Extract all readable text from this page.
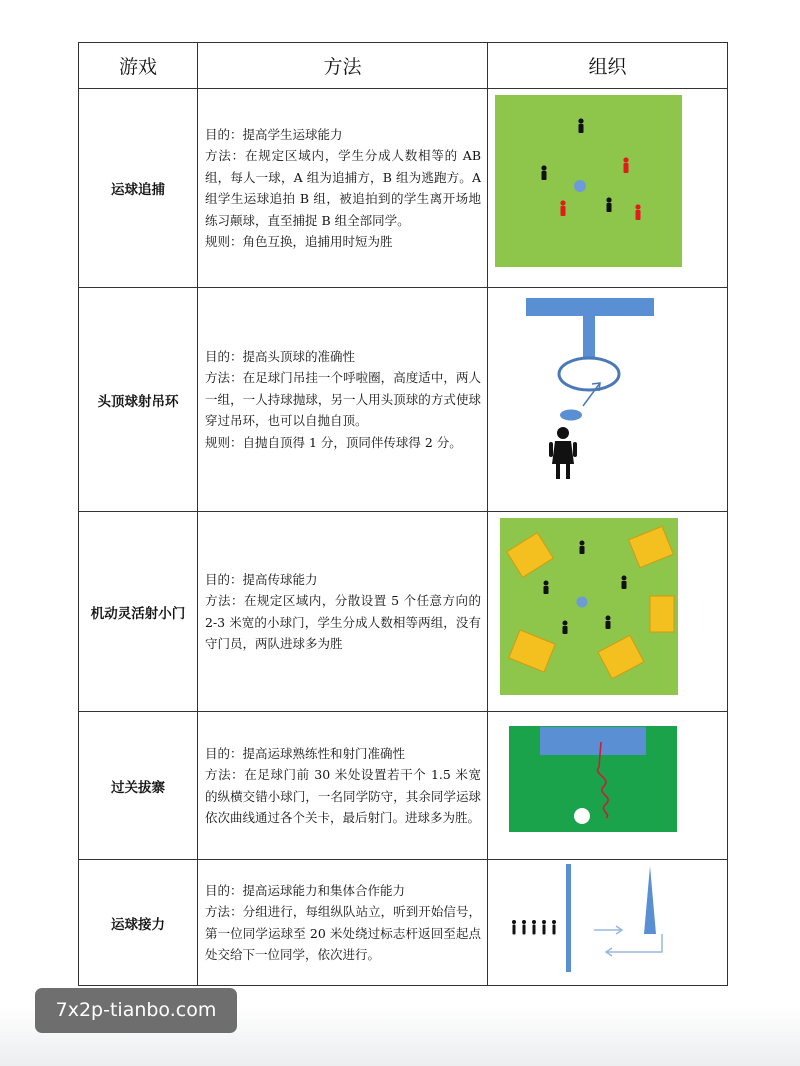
游戏	方法	组织
运球追捕	目的：提高学生运球能力

方法：在规定区域内，学生分成人数相等的 AB 组，每人一球，A 组为追捕方，B 组为逃跑方。A 组学生运球追拍 B 组，被追拍到的学生离开场地练习颠球，直至捕捉 B 组全部同学。

规则：角色互换，追捕用时短为胜

头顶球射吊环	目的：提高头顶球的准确性

方法：在足球门吊挂一个呼啦圈，高度适中，两人一组，一人持球抛球，另一人用头顶球的方式使球穿过吊环，也可以自抛自顶。

规则：自抛自顶得 1 分，顶同伴传球得 2 分。

机动灵活射小门	目的：提高传球能力

方法：在规定区域内，分散设置 5 个任意方向的 2-3 米宽的小球门，学生分成人数相等两组，没有守门员，两队进球多为胜

过关拔寨	目的：提高运球熟练性和射门准确性

方法：在足球门前 30 米处设置若干个 1.5 米宽的纵横交错小球门，一名同学防守，其余同学运球依次曲线通过各个关卡，最后射门。进球多为胜。

运球接力	目的：提高运球能力和集体合作能力

方法：分组进行，每组纵队站立，听到开始信号，第一位同学运球至 20 米处绕过标志杆返回至起点处交给下一位同学，依次进行。

7x2p-tianbo.com
